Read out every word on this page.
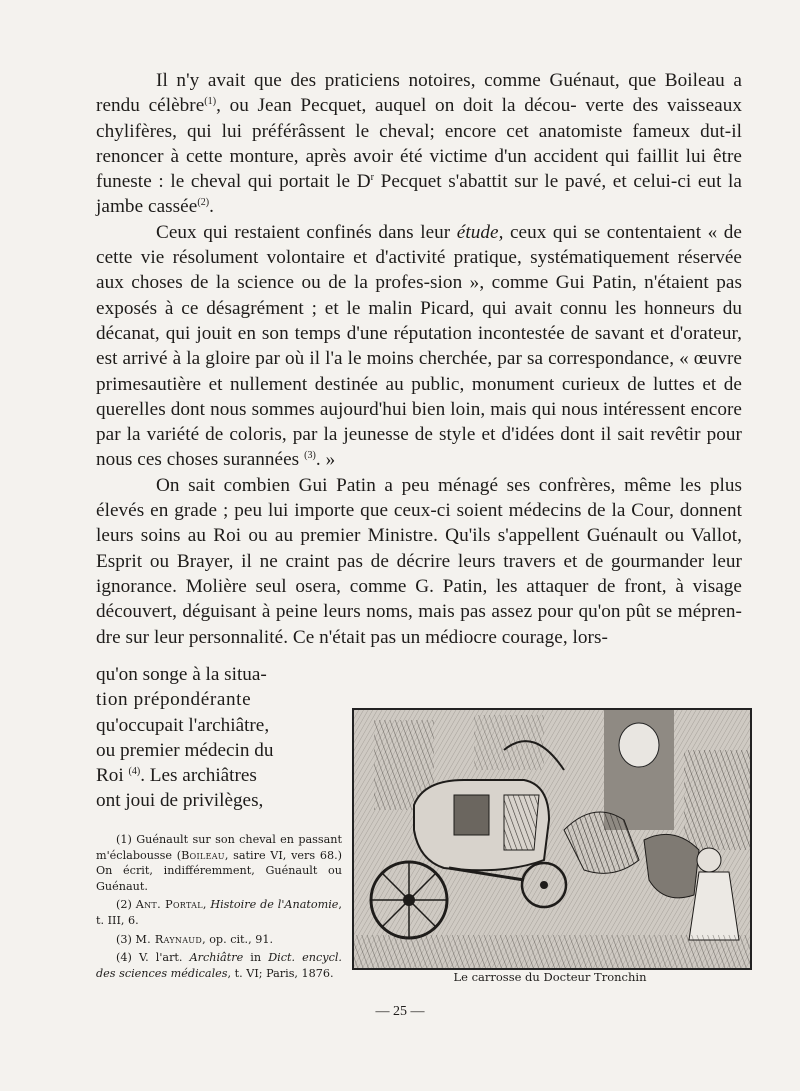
Il n'y avait que des praticiens notoires, comme Guénaut, que Boileau a rendu célèbre$^{(1)}$, ou Jean Pecquet, auquel on doit la décou- verte des vaisseaux chylifères, qui lui préférâssent le cheval; encore cet anatomiste fameux dut-il renoncer à cette monture, après avoir été victime d'un accident qui faillit lui être funeste : le cheval qui portait le $D^r$ Pecquet s'abattit sur le pavé, et celui-ci eut la jambe cassée$^{(2)}$.

Ceux qui restaient confinés dans leur étude, ceux qui se contentaient « de cette vie résolument volontaire et d'activité pratique, systématiquement réservée aux choses de la science ou de la profes-sion », comme Gui Patin, n'étaient pas exposés à ce désagrément ; et le malin Picard, qui avait connu les honneurs du décanat, qui jouit en son temps d'une réputation incontestée de savant et d'orateur, est arrivé à la gloire par où il l'a le moins cherchée, par sa correspondance, « œuvre primesautière et nullement destinée au public, monument curieux de luttes et de querelles dont nous sommes aujourd'hui bien loin, mais qui nous intéressent encore par la variété de coloris, par la jeunesse de style et d'idées dont il sait revêtir pour nous ces choses surannées $^{(3)}$. »

On sait combien Gui Patin a peu ménagé ses confrères, même les plus élevés en grade ; peu lui importe que ceux-ci soient médecins de la Cour, donnent leurs soins au Roi ou au premier Ministre. Qu'ils s'appellent Guénault ou Vallot, Esprit ou Brayer, il ne craint pas de décrire leurs travers et de gourmander leur ignorance. Molière seul osera, comme G. Patin, les attaquer de front, à visage découvert, déguisant à peine leurs noms, mais pas assez pour qu'on pût se mépren-dre sur leur personnalité. Ce n'était pas un médiocre courage, lors-

qu'on songe à la situa-
tion prépondérante
qu'occupait l'archiâtre,
ou premier médecin du
Roi $^{(4)}$. Les archiâtres
ont joui de privilèges,

(1) Guénault sur son cheval en passant m'éclabousse (Boileau, satire VI, vers 68.) On écrit, indifféremment, Guénault ou Guénaut.

(2) Ant. Portal, Histoire de l'Anatomie, t. III, 6.

(3) M. Raynaud, op. cit., 91.

(4) V. l'art. Archiâtre in Dict. encycl. des sciences médicales, t. VI; Paris, 1876.	Le carrosse du Docteur Tronchin
— 25 —
